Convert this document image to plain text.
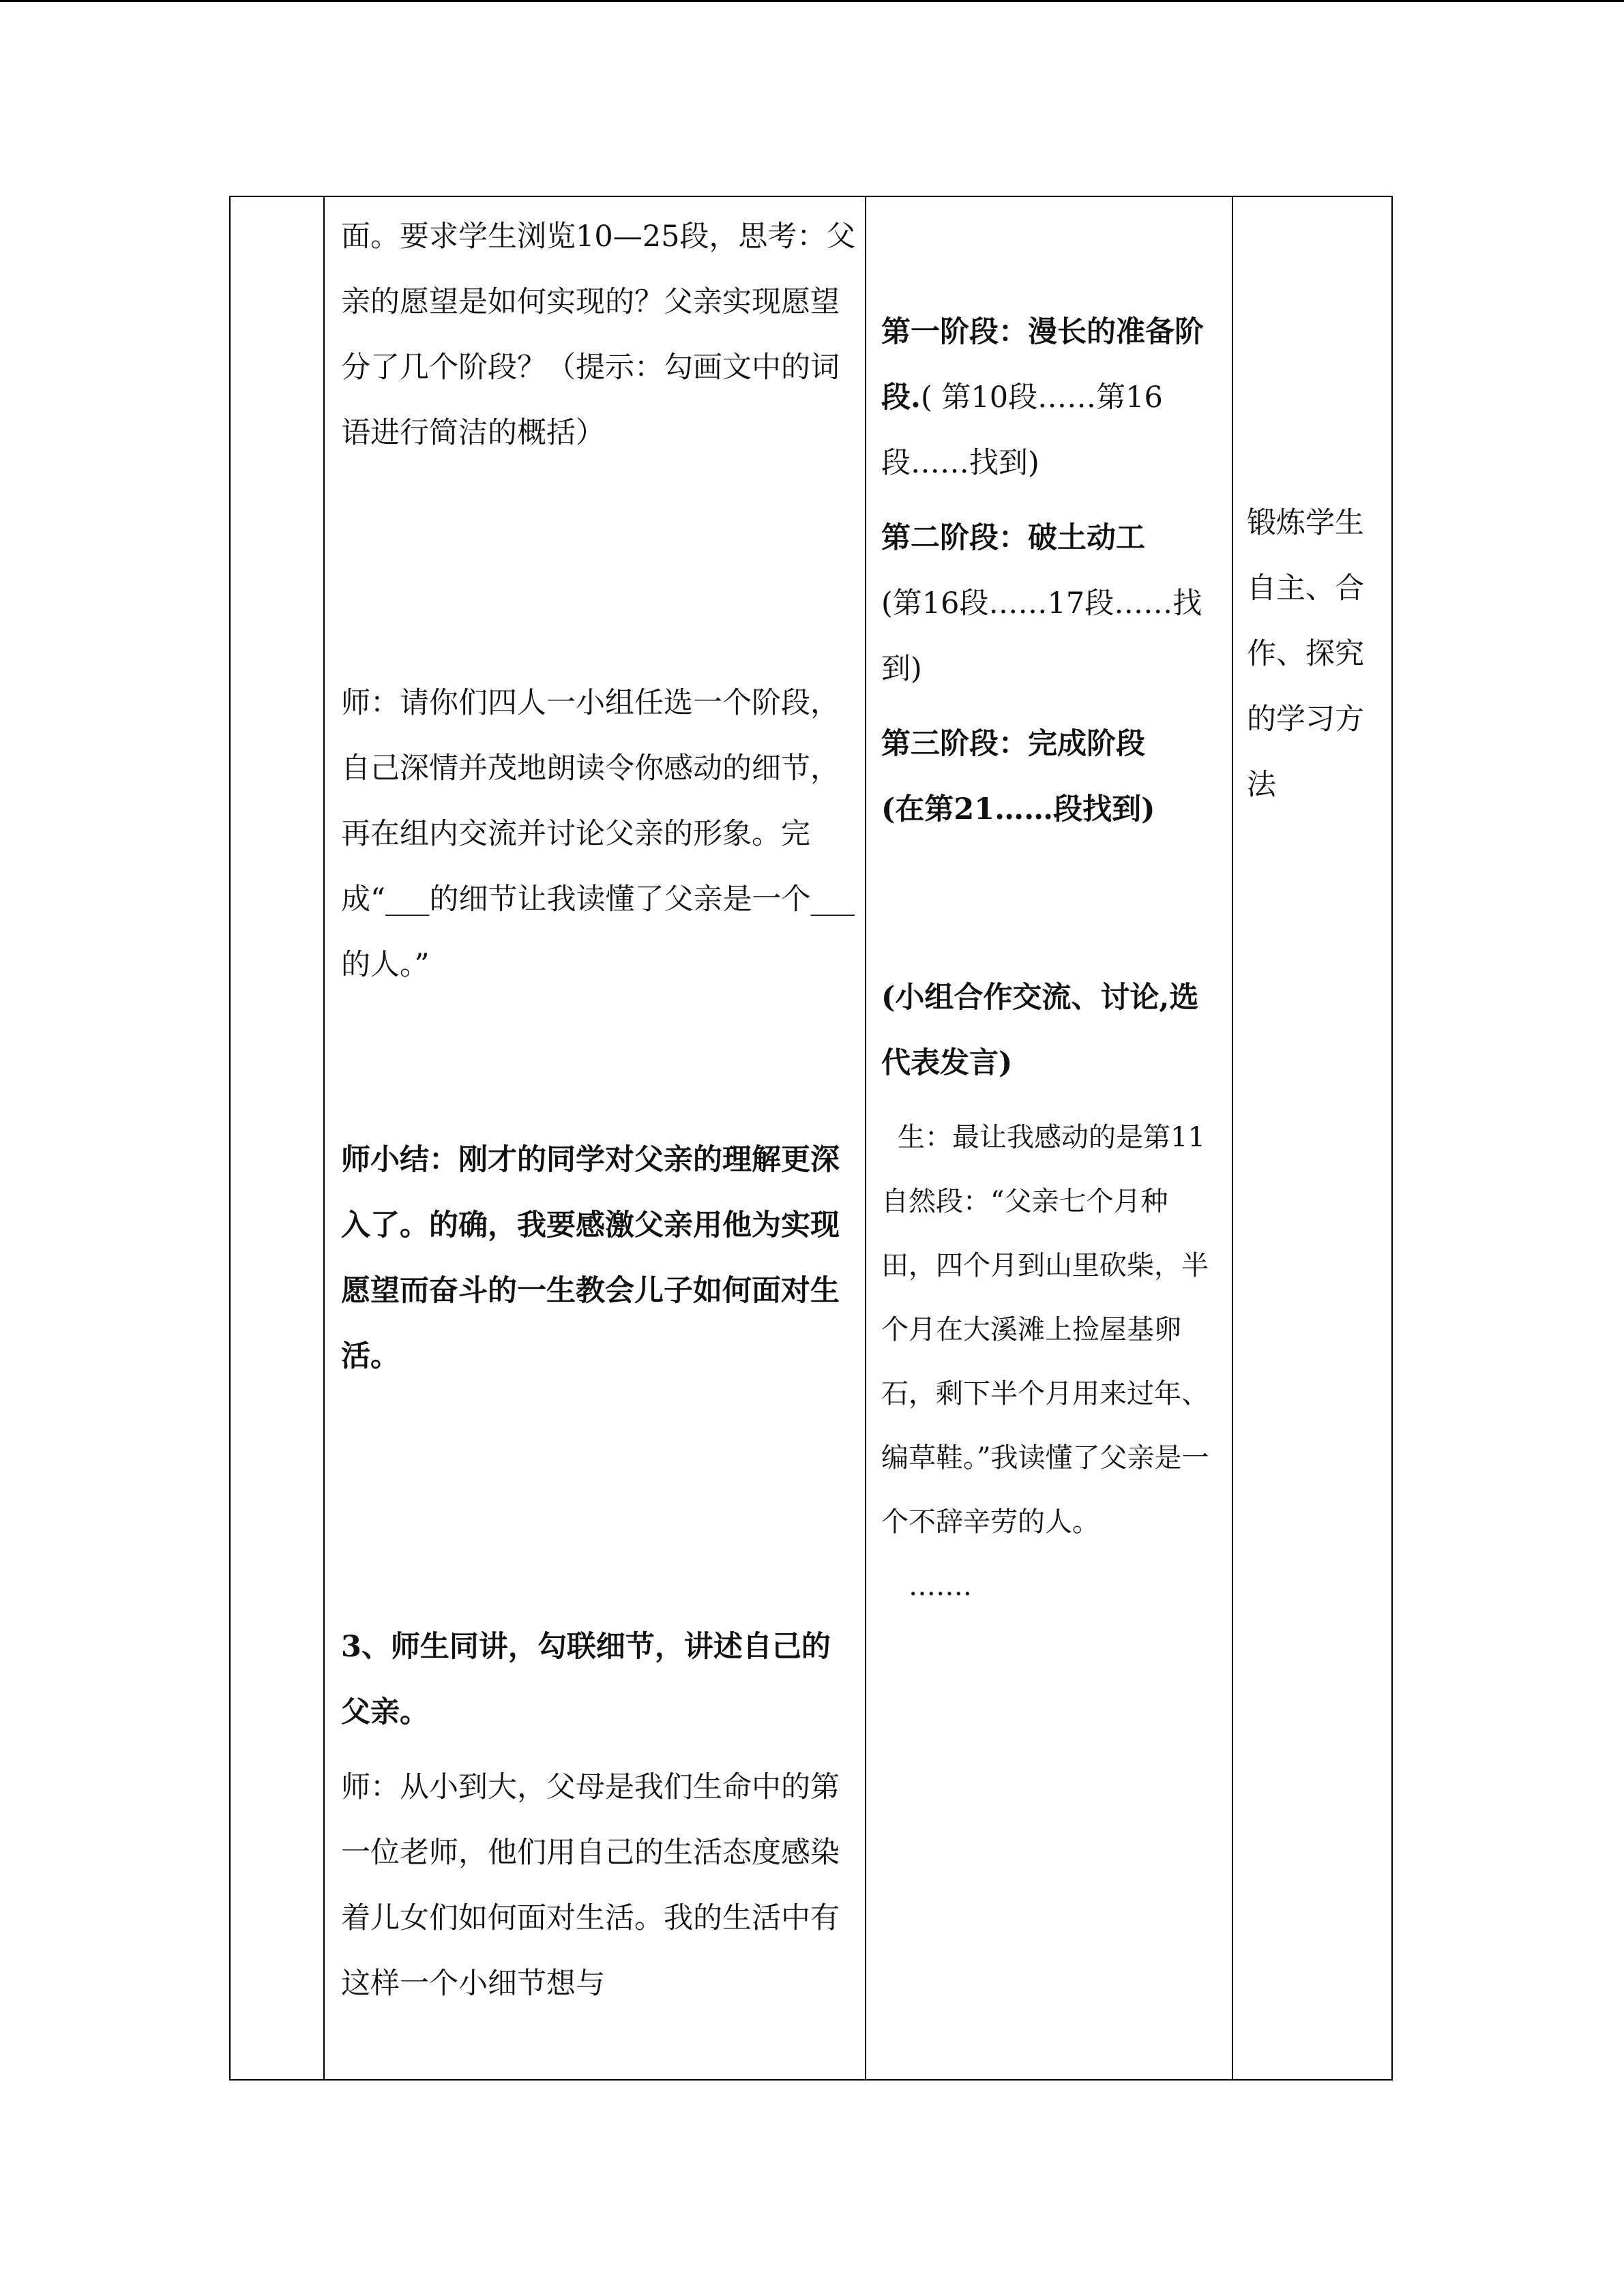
面。要求学生浏览10—25段，思考：父亲的愿望是如何实现的？父亲实现愿望分了几个阶段？（提示：勾画文中的词语进行简洁的概括）

师：请你们四人一小组任选一个阶段，自己深情并茂地朗读令你感动的细节，再在组内交流并讨论父亲的形象。完成“___的细节让我读懂了父亲是一个___的人。”

师小结：刚才的同学对父亲的理解更深入了。的确，我要感激父亲用他为实现愿望而奋斗的一生教会儿子如何面对生活。

3、师生同讲，勾联细节，讲述自己的父亲。

师：从小到大，父母是我们生命中的第一位老师，他们用自己的生活态度感染着儿女们如何面对生活。我的生活中有这样一个小细节想与

第一阶段：漫长的准备阶段.( 第10段……第16段……找到)

第二阶段：破土动工

(第16段……17段……找到)

第三阶段：完成阶段

(在第21……段找到)

(小组合作交流、讨论,选代表发言)

生：最让我感动的是第11自然段：“父亲七个月种田，四个月到山里砍柴，半个月在大溪滩上捡屋基卵石，剩下半个月用来过年、编草鞋。”我读懂了父亲是一个不辞辛劳的人。

…….

锻炼学生自主、合作、探究的学习方法
